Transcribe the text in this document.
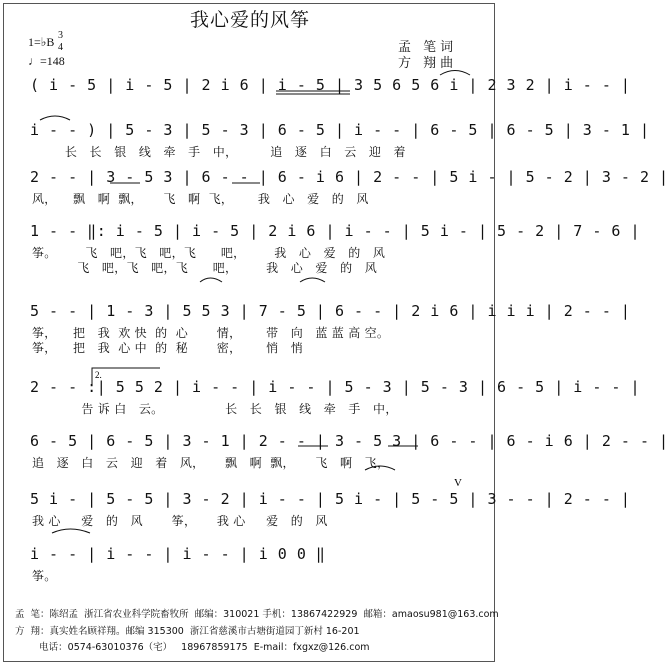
我心爱的风筝
孟 笔词
方 翔曲
1=♭B 3
4
♩=148
( i - 5 | i - 5 | 2 i 6 | i - 5 | 3 5 6 5 6 i | 2 3 2 | i - - |
i - - ) | 5 - 3 | 5 - 3 | 6 - 5 | i - - | 6 - 5 | 6 - 5 | 3 - 1 |
长   长   银   线   牵   手   中，        追   逐   白   云   迎   着
2 - - | 3 - 5 3 | 6 - - | 6 - i 6 | 2 - - | 5 i - | 5 - 2 | 3 - 2 |
风，    飘   啊  飘，     飞   啊  飞，      我   心   爱   的   风
1 - - ‖: i - 5 | i - 5 | 2 i 6 | i - - | 5 i - | 5 - 2 | 7 - 6 |
筝。       飞   吧，飞   吧，飞      吧，       我   心   爱   的   风
飞   吧，飞   吧，飞      吧，       我   心   爱   的   风
5 - - | 1 - 3 | 5 5 3 | 7 - 5 | 6 - - | 2 i 6 | i i i | 2 - - |
筝，    把   我  欢 快  的  心       情，      带   向   蓝 蓝 高 空。
筝，    把   我  心 中  的  秘       密，      悄   悄
2 - - :| 5 5 2 | i - - | i - - | 5 - 3 | 5 - 3 | 6 - 5 | i - - |
告 诉 白   云。               长   长   银   线   牵   手   中，
6 - 5 | 6 - 5 | 3 - 1 | 2 - - | 3 - 5 3 | 6 - - | 6 - i 6 | 2 - - |
追   逐   白   云   迎   着   风，     飘   啊  飘，     飞   啊   飞，
5 i - | 5 - 5 | 3 - 2 | i - - | 5 i - | 5 - 5 | 3 - - | 2 - - |
我 心     爱   的   风       筝，     我 心     爱   的   风
i - - | i - - | i - - | i 0 0 ‖
筝。
孟  笔：陈绍孟  浙江省农业科学院畜牧所  邮编：310021 手机：13867422929  邮箱：amaosu981@163.com
方  翔：真实姓名顾祥翔。邮编 315300  浙江省慈溪市古塘街道园丁新村 16-201
电话：0574-63010376（宅）   18967859175  E-mail：fxgxz@126.com
2.
V
